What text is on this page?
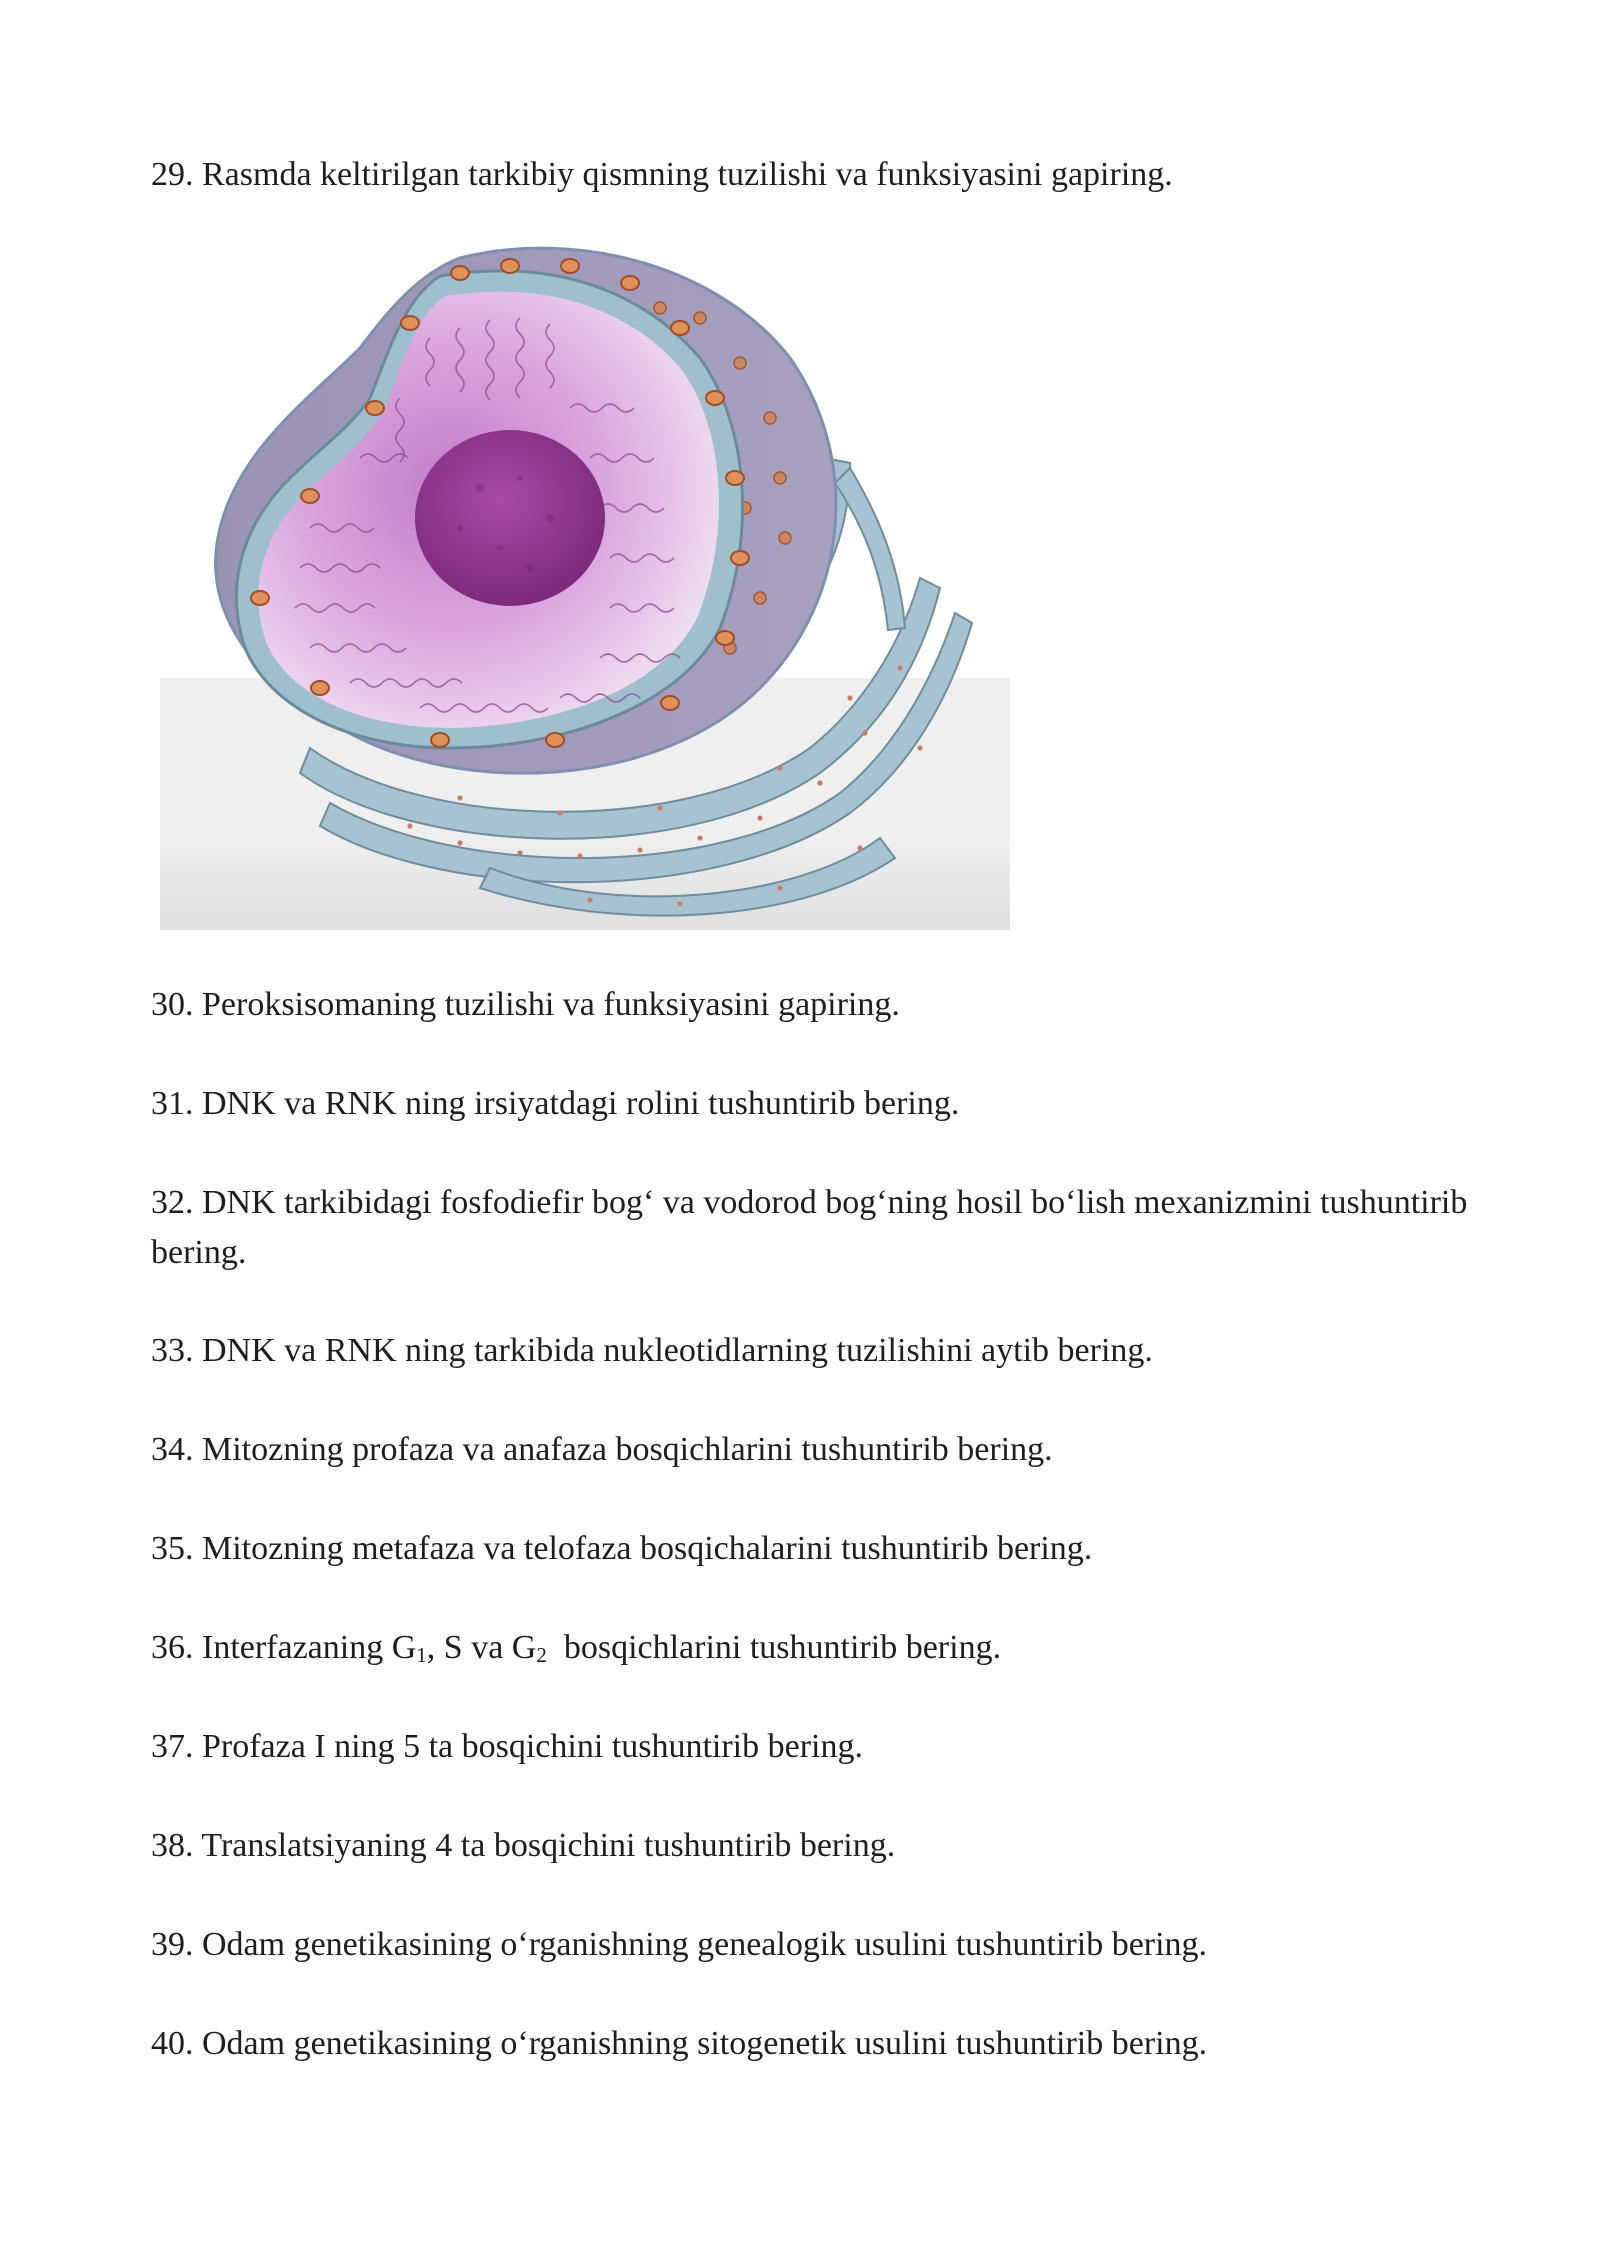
29. Rasmda keltirilgan tarkibiy qismning tuzilishi va funksiyasini gapiring.

30. Peroksisomaning tuzilishi va funksiyasini gapiring.

31. DNK va RNK ning irsiyatdagi rolini tushuntirib bering.

32. DNK tarkibidagi fosfodiefir bog‘ va vodorod bog‘ning hosil bo‘lish mexanizmini tushuntirib bering.

33. DNK va RNK ning tarkibida nukleotidlarning tuzilishini aytib bering.

34. Mitozning profaza va anafaza bosqichlarini tushuntirib bering.

35. Mitozning metafaza va telofaza bosqichalarini tushuntirib bering.

36. Interfazaning $G_1$, S va $G_2$  bosqichlarini tushuntirib bering.

37. Profaza I ning 5 ta bosqichini tushuntirib bering.

38. Translatsiyaning 4 ta bosqichini tushuntirib bering.

39. Odam genetikasining o‘rganishning genealogik usulini tushuntirib bering.

40. Odam genetikasining o‘rganishning sitogenetik usulini tushuntirib bering.
